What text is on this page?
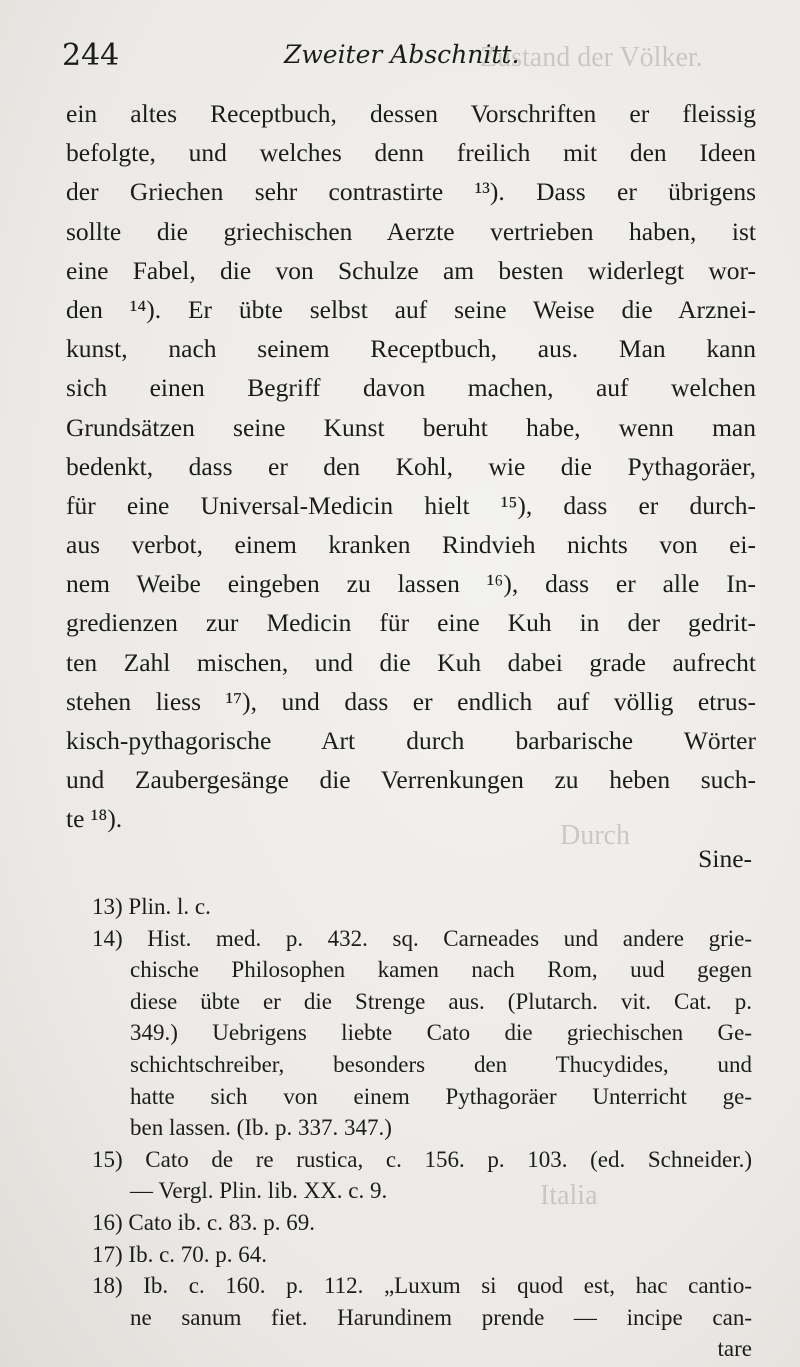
Zustand der Völker.
Durch
Italia
244	Zweiter Abschnitt.
ein altes Receptbuch, dessen Vorschriften er fleissig
befolgte, und welches denn freilich mit den Ideen
der Griechen sehr contrastirte ¹³). Dass er übrigens
sollte die griechischen Aerzte vertrieben haben, ist
eine Fabel, die von Schulze am besten widerlegt wor-
den ¹⁴). Er übte selbst auf seine Weise die Arznei-
kunst, nach seinem Receptbuch, aus. Man kann
sich einen Begriff davon machen, auf welchen
Grundsätzen seine Kunst beruht habe, wenn man
bedenkt, dass er den Kohl, wie die Pythagoräer,
für eine Universal-Medicin hielt ¹⁵), dass er durch-
aus verbot, einem kranken Rindvieh nichts von ei-
nem Weibe eingeben zu lassen ¹⁶), dass er alle In-
gredienzen zur Medicin für eine Kuh in der gedrit-
ten Zahl mischen, und die Kuh dabei grade aufrecht
stehen liess ¹⁷), und dass er endlich auf völlig etrus-
kisch-pythagorische Art durch barbarische Wörter
und Zaubergesänge die Verrenkungen zu heben such-
te ¹⁸).
Sine-
13) Plin. l. c.
14) Hist. med. p. 432. sq. Carneades und andere grie-
chische Philosophen kamen nach Rom, uud gegen
diese übte er die Strenge aus. (Plutarch. vit. Cat. p.
349.) Uebrigens liebte Cato die griechischen Ge-
schichtschreiber, besonders den Thucydides, und
hatte sich von einem Pythagoräer Unterricht ge-
ben lassen. (Ib. p. 337. 347.)
15) Cato de re rustica, c. 156. p. 103. (ed. Schneider.)
— Vergl. Plin. lib. XX. c. 9.
16) Cato ib. c. 83. p. 69.
17) Ib. c. 70. p. 64.
18) Ib. c. 160. p. 112. „Luxum si quod est, hac cantio-
ne sanum fiet. Harundinem prende — incipe can-
tare
